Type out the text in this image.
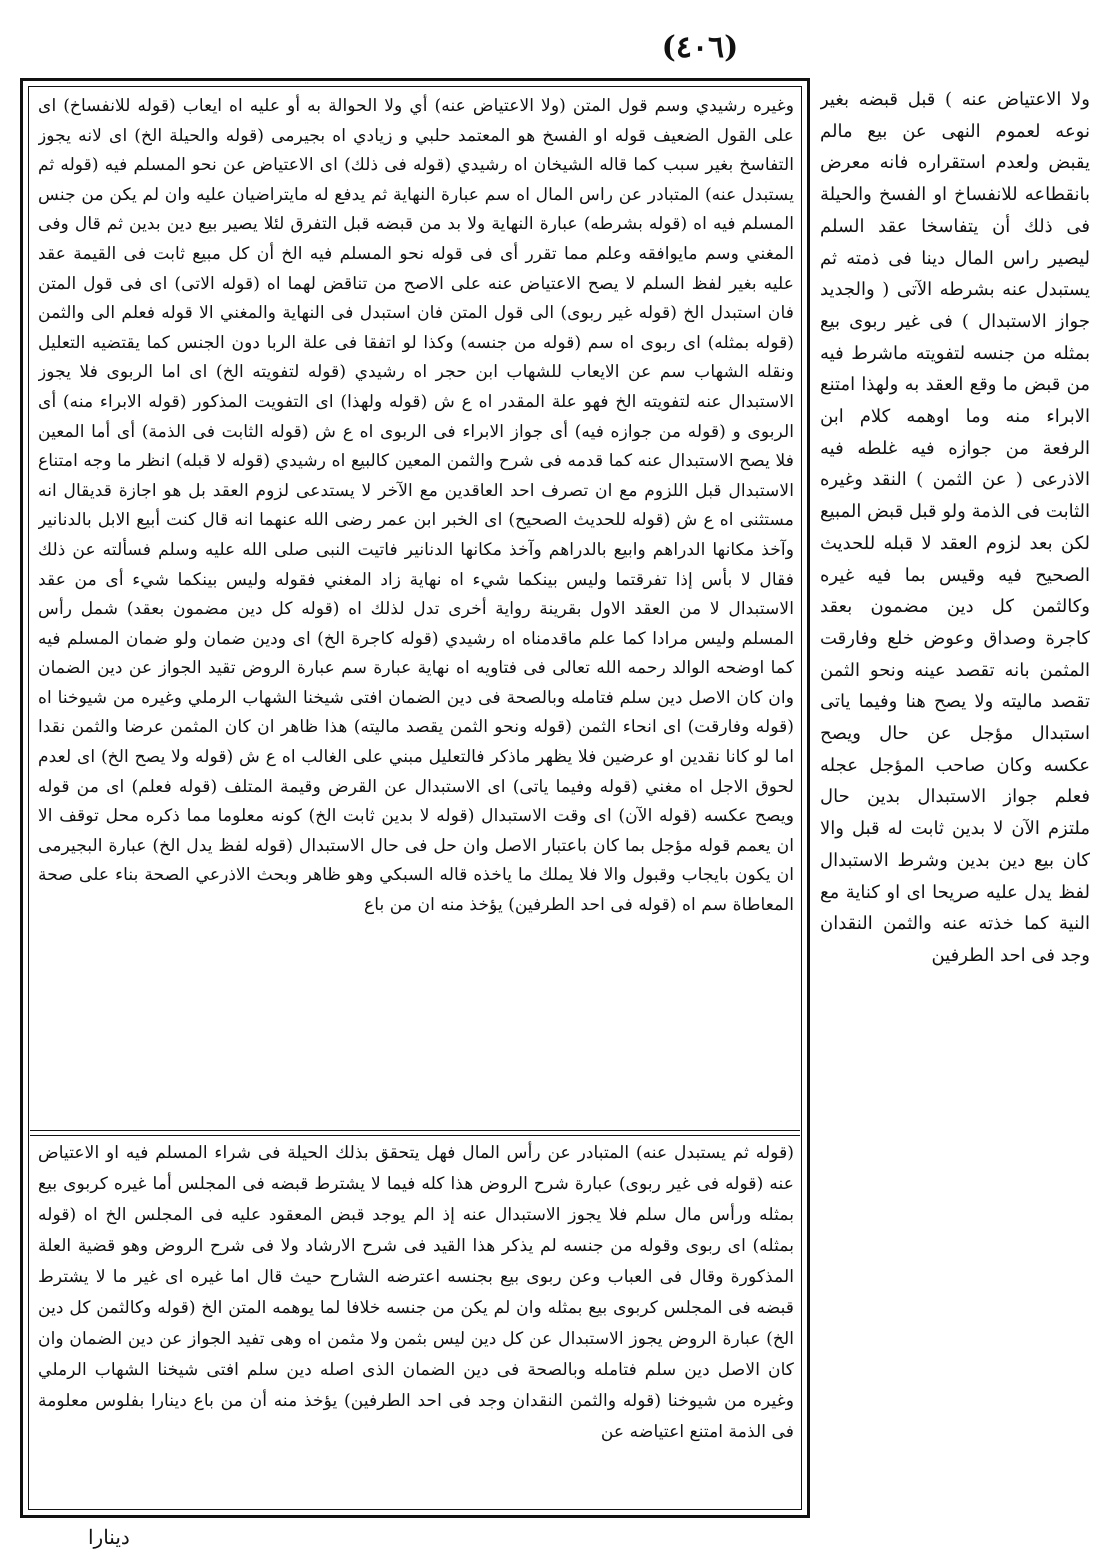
(٤٠٦)
وغيره رشيدي وسم قول المتن (ولا الاعتياض عنه) أي ولا الحوالة به أو عليه اه ايعاب (قوله للانفساخ) اى على القول الضعيف قوله او الفسخ هو المعتمد حلبي و زيادي اه بجيرمى (قوله والحيلة الخ) اى لانه يجوز التفاسخ بغير سبب كما قاله الشيخان اه رشيدي (قوله فى ذلك) اى الاعتياض عن نحو المسلم فيه (قوله ثم يستبدل عنه) المتبادر عن راس المال اه سم عبارة النهاية ثم يدفع له مايتراضيان عليه وان لم يكن من جنس المسلم فيه اه (قوله بشرطه) عبارة النهاية ولا بد من قبضه قبل التفرق لئلا يصير بيع دين بدين ثم قال وفى المغني وسم مايوافقه وعلم مما تقرر أى فى قوله نحو المسلم فيه الخ أن كل مبيع ثابت فى القيمة عقد عليه بغير لفظ السلم لا يصح الاعتياض عنه على الاصح من تناقض لهما اه (قوله الاتى) اى فى قول المتن فان استبدل الخ (قوله غير ربوى) الى قول المتن فان استبدل فى النهاية والمغني الا قوله فعلم الى والثمن (قوله بمثله) اى ربوى اه سم (قوله من جنسه) وكذا لو اتفقا فى علة الربا دون الجنس كما يقتضيه التعليل ونقله الشهاب سم عن الايعاب للشهاب ابن حجر اه رشيدي (قوله لتفويته الخ) اى اما الربوى فلا يجوز الاستبدال عنه لتفويته الخ فهو علة المقدر اه ع ش (قوله ولهذا) اى التفويت المذكور (قوله الابراء منه) أى الربوى و (قوله من جوازه فيه) أى جواز الابراء فى الربوى اه ع ش (قوله الثابت فى الذمة) أى أما المعين فلا يصح الاستبدال عنه كما قدمه فى شرح والثمن المعين كالبيع اه رشيدي (قوله لا قبله) انظر ما وجه امتناع الاستبدال قبل اللزوم مع ان تصرف احد العاقدين مع الآخر لا يستدعى لزوم العقد بل هو اجازة قديقال انه مستثنى اه ع ش (قوله للحديث الصحيح) اى الخبر ابن عمر رضى الله عنهما انه قال كنت أبيع الابل بالدنانير وآخذ مكانها الدراهم وابيع بالدراهم وآخذ مكانها الدنانير فاتيت النبى صلى الله عليه وسلم فسألته عن ذلك فقال لا بأس إذا تفرقتما وليس بينكما شيء اه نهاية زاد المغني فقوله وليس بينكما شيء أى من عقد الاستبدال لا من العقد الاول بقرينة رواية أخرى تدل لذلك اه (قوله كل دين مضمون بعقد) شمل رأس المسلم وليس مرادا كما علم ماقدمناه اه رشيدي (قوله كاجرة الخ) اى ودين ضمان ولو ضمان المسلم فيه كما اوضحه الوالد رحمه الله تعالى فى فتاويه اه نهاية عبارة سم عبارة الروض تقيد الجواز عن دين الضمان وان كان الاصل دين سلم فتامله وبالصحة فى دين الضمان افتى شيخنا الشهاب الرملي وغيره من شيوخنا اه (قوله وفارقت) اى انحاء الثمن (قوله ونحو الثمن يقصد ماليته) هذا ظاهر ان كان المثمن عرضا والثمن نقدا اما لو كانا نقدين او عرضين فلا يظهر ماذكر فالتعليل مبني على الغالب اه ع ش (قوله ولا يصح الخ) اى لعدم لحوق الاجل اه مغني (قوله وفيما ياتى) اى الاستبدال عن القرض وقيمة المتلف (قوله فعلم) اى من قوله ويصح عكسه (قوله الآن) اى وقت الاستبدال (قوله لا بدين ثابت الخ) كونه معلوما مما ذكره محل توقف الا ان يعمم قوله مؤجل بما كان باعتبار الاصل وان حل فى حال الاستبدال (قوله لفظ يدل الخ) عبارة البجيرمى ان يكون بايجاب وقبول والا فلا يملك ما ياخذه قاله السبكي وهو ظاهر وبحث الاذرعي الصحة بناء على صحة المعاطاة سم اه (قوله فى احد الطرفين) يؤخذ منه ان من باع
(قوله ثم يستبدل عنه) المتبادر عن رأس المال فهل يتحقق بذلك الحيلة فى شراء المسلم فيه او الاعتياض عنه (قوله فى غير ربوى) عبارة شرح الروض هذا كله فيما لا يشترط قبضه فى المجلس أما غيره كربوى بيع بمثله ورأس مال سلم فلا يجوز الاستبدال عنه إذ الم يوجد قبض المعقود عليه فى المجلس الخ اه (قوله بمثله) اى ربوى وقوله من جنسه لم يذكر هذا القيد فى شرح الارشاد ولا فى شرح الروض وهو قضية العلة المذكورة وقال فى العباب وعن ربوى بيع بجنسه اعترضه الشارح حيث قال اما غيره اى غير ما لا يشترط قبضه فى المجلس كربوى بيع بمثله وان لم يكن من جنسه خلافا لما يوهمه المتن الخ (قوله وكالثمن كل دين الخ) عبارة الروض يجوز الاستبدال عن كل دين ليس بثمن ولا مثمن اه وهى تفيد الجواز عن دين الضمان وان كان الاصل دين سلم فتامله وبالصحة فى دين الضمان الذى اصله دين سلم افتى شيخنا الشهاب الرملي وغيره من شيوخنا (قوله والثمن النقدان وجد فى احد الطرفين) يؤخذ منه أن من باع دينارا بفلوس معلومة فى الذمة امتنع اعتياضه عن
ولا الاعتياض عنه ) قبل قبضه بغير نوعه لعموم النهى عن بيع مالم يقبض ولعدم استقراره فانه معرض بانقطاعه للانفساخ او الفسخ والحيلة فى ذلك أن يتفاسخا عقد السلم ليصير راس المال دينا فى ذمته ثم يستبدل عنه بشرطه الآتى ( والجديد جواز الاستبدال ) فى غير ربوى بيع بمثله من جنسه لتفويته ماشرط فيه من قبض ما وقع العقد به ولهذا امتنع الابراء منه وما اوهمه كلام ابن الرفعة من جوازه فيه غلطه فيه الاذرعى ( عن الثمن ) النقد وغيره الثابت فى الذمة ولو قبل قبض المبيع لكن بعد لزوم العقد لا قبله للحديث الصحيح فيه وقيس بما فيه غيره وكالثمن كل دين مضمون بعقد كاجرة وصداق وعوض خلع وفارقت المثمن بانه تقصد عينه ونحو الثمن تقصد ماليته ولا يصح هنا وفيما ياتى استبدال مؤجل عن حال ويصح عكسه وكان صاحب المؤجل عجله فعلم جواز الاستبدال بدين حال ملتزم الآن لا بدين ثابت له قبل والا كان بيع دين بدين وشرط الاستبدال لفظ يدل عليه صريحا اى او كناية مع النية كما خذته عنه والثمن النقدان وجد فى احد الطرفين
دينارا
